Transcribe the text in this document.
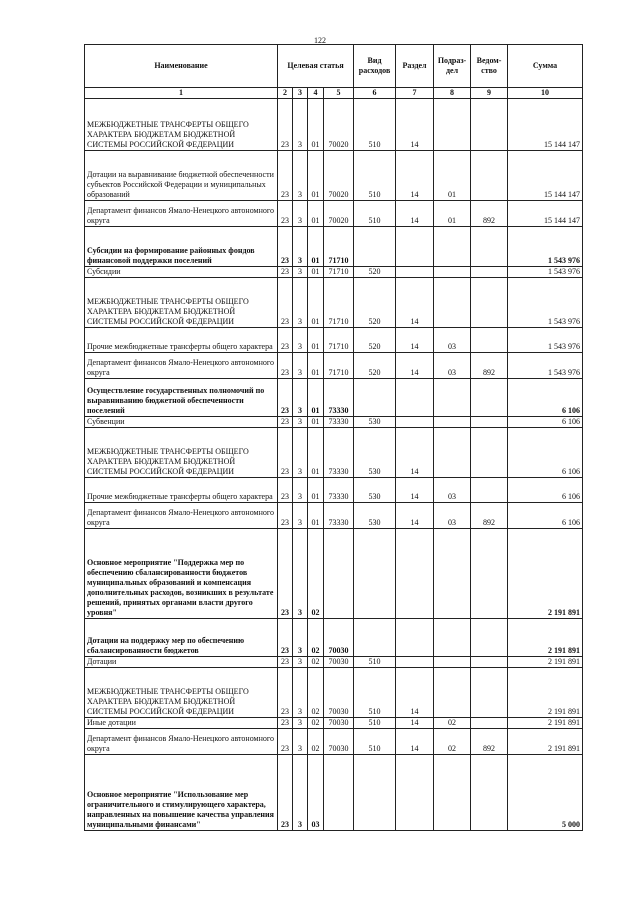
122
Наименование	Целевая статья				Вид расходов	Раздел	Подраз-дел	Ведом-ство	Сумма
1	2	3	4	5	6	7	8	9	10
МЕЖБЮДЖЕТНЫЕ ТРАНСФЕРТЫ ОБЩЕГО ХАРАКТЕРА БЮДЖЕТАМ БЮДЖЕТНОЙ СИСТЕМЫ РОССИЙСКОЙ ФЕДЕРАЦИИ	23	3	01	70020	510	14			15 144 147
Дотации на выравнивание бюджетной обеспеченности субъектов Российской Федерации и муниципальных образований	23	3	01	70020	510	14	01		15 144 147
Департамент финансов Ямало-Ненецкого автономного округа	23	3	01	70020	510	14	01	892	15 144 147
Субсидии на формирование районных фондов финансовой поддержки поселений	23	3	01	71710					1 543 976
Субсидии	23	3	01	71710	520				1 543 976
МЕЖБЮДЖЕТНЫЕ ТРАНСФЕРТЫ ОБЩЕГО ХАРАКТЕРА БЮДЖЕТАМ БЮДЖЕТНОЙ СИСТЕМЫ РОССИЙСКОЙ ФЕДЕРАЦИИ	23	3	01	71710	520	14			1 543 976
Прочие межбюджетные трансферты общего характера	23	3	01	71710	520	14	03		1 543 976
Департамент финансов Ямало-Ненецкого автономного округа	23	3	01	71710	520	14	03	892	1 543 976
Осуществление государственных полномочий по выравниванию бюджетной обеспеченности поселений	23	3	01	73330					6 106
Субвенции	23	3	01	73330	530				6 106
МЕЖБЮДЖЕТНЫЕ ТРАНСФЕРТЫ ОБЩЕГО ХАРАКТЕРА БЮДЖЕТАМ БЮДЖЕТНОЙ СИСТЕМЫ РОССИЙСКОЙ ФЕДЕРАЦИИ	23	3	01	73330	530	14			6 106
Прочие межбюджетные трансферты общего характера	23	3	01	73330	530	14	03		6 106
Департамент финансов Ямало-Ненецкого автономного округа	23	3	01	73330	530	14	03	892	6 106
Основное мероприятие "Поддержка мер по обеспечению сбалансированности бюджетов муниципальных образований и компенсация дополнительных расходов, возникших в результате решений, принятых органами власти другого уровня"	23	3	02						2 191 891
Дотации на поддержку мер по обеспечению сбалансированности бюджетов	23	3	02	70030					2 191 891
Дотации	23	3	02	70030	510				2 191 891
МЕЖБЮДЖЕТНЫЕ ТРАНСФЕРТЫ ОБЩЕГО ХАРАКТЕРА БЮДЖЕТАМ БЮДЖЕТНОЙ СИСТЕМЫ РОССИЙСКОЙ ФЕДЕРАЦИИ	23	3	02	70030	510	14			2 191 891
Иные дотации	23	3	02	70030	510	14	02		2 191 891
Департамент финансов Ямало-Ненецкого автономного округа	23	3	02	70030	510	14	02	892	2 191 891
Основное мероприятие "Использование мер ограничительного и стимулирующего характера, направленных на повышение качества управления муниципальными финансами"	23	3	03						5 000
